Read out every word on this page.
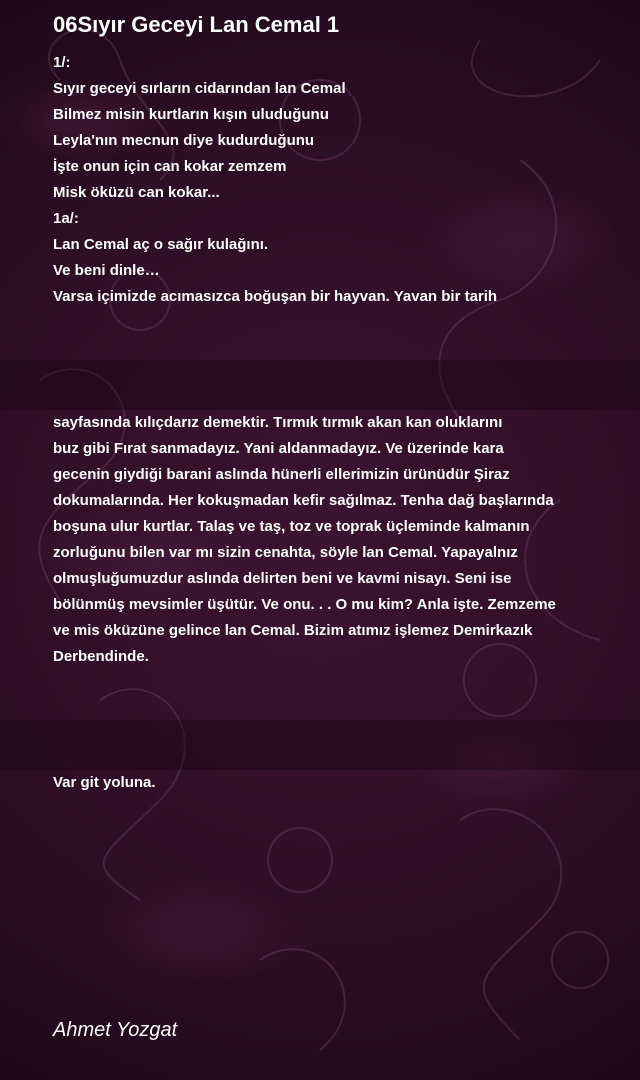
06Sıyır Geceyi Lan Cemal 1

1/:
Sıyır geceyi sırların cidarından lan Cemal
Bilmez misin kurtların kışın uluduğunu
Leyla'nın mecnun diye kudurduğunu
İşte onun için can kokar zemzem
Misk öküzü can kokar...
1a/:
Lan Cemal aç o sağır kulağını.
Ve beni dinle…
Varsa içimizde acımasızca boğuşan bir hayvan. Yavan bir tarih

sayfasında kılıçdarız demektir. Tırmık tırmık akan kan oluklarını
buz gibi Fırat sanmadayız. Yani aldanmadayız. Ve üzerinde kara
gecenin giydiği barani aslında hünerli ellerimizin ürünüdür Şiraz
dokumalarında. Her kokuşmadan kefir sağılmaz. Tenha dağ başlarında
boşuna ulur kurtlar. Talaş ve taş, toz ve toprak üçleminde kalmanın
zorluğunu bilen var mı sizin cenahta, söyle lan Cemal. Yapayalnız
olmuşluğumuzdur aslında delirten beni ve kavmi nisayı. Seni ise
bölünmüş mevsimler üşütür. Ve onu. . . O mu kim? Anla işte. Zemzeme
ve mis öküzüne gelince lan Cemal. Bizim atımız işlemez Demirkazık
Derbendinde.

Var git yoluna.

Ahmet Yozgat
